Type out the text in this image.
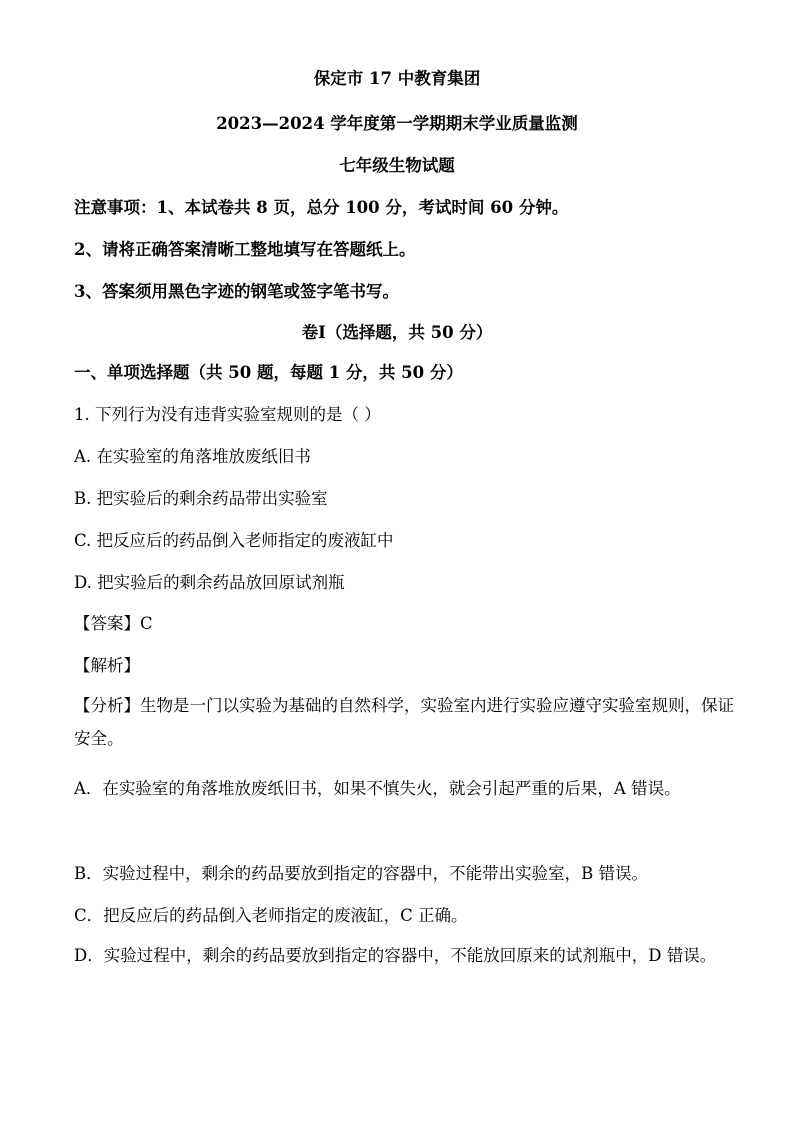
保定市 17 中教育集团
2023—2024 学年度第一学期期末学业质量监测
七年级生物试题
注意事项：1、本试卷共 8 页，总分 100 分，考试时间 60 分钟。
2、请将正确答案清晰工整地填写在答题纸上。
3、答案须用黑色字迹的钢笔或签字笔书写。
卷Ⅰ（选择题，共 50 分）
一、单项选择题（共 50 题，每题 1 分，共 50 分）
1. 下列行为没有违背实验室规则的是（ ）
A. 在实验室的角落堆放废纸旧书
B. 把实验后的剩余药品带出实验室
C. 把反应后的药品倒入老师指定的废液缸中
D. 把实验后的剩余药品放回原试剂瓶
【答案】C
【解析】
【分析】生物是一门以实验为基础的自然科学，实验室内进行实验应遵守实验室规则，保证安全。
A．在实验室的角落堆放废纸旧书，如果不慎失火，就会引起严重的后果，A 错误。
B．实验过程中，剩余的药品要放到指定的容器中，不能带出实验室，B 错误。
C．把反应后的药品倒入老师指定的废液缸，C 正确。
D．实验过程中，剩余的药品要放到指定的容器中，不能放回原来的试剂瓶中，D 错误。
